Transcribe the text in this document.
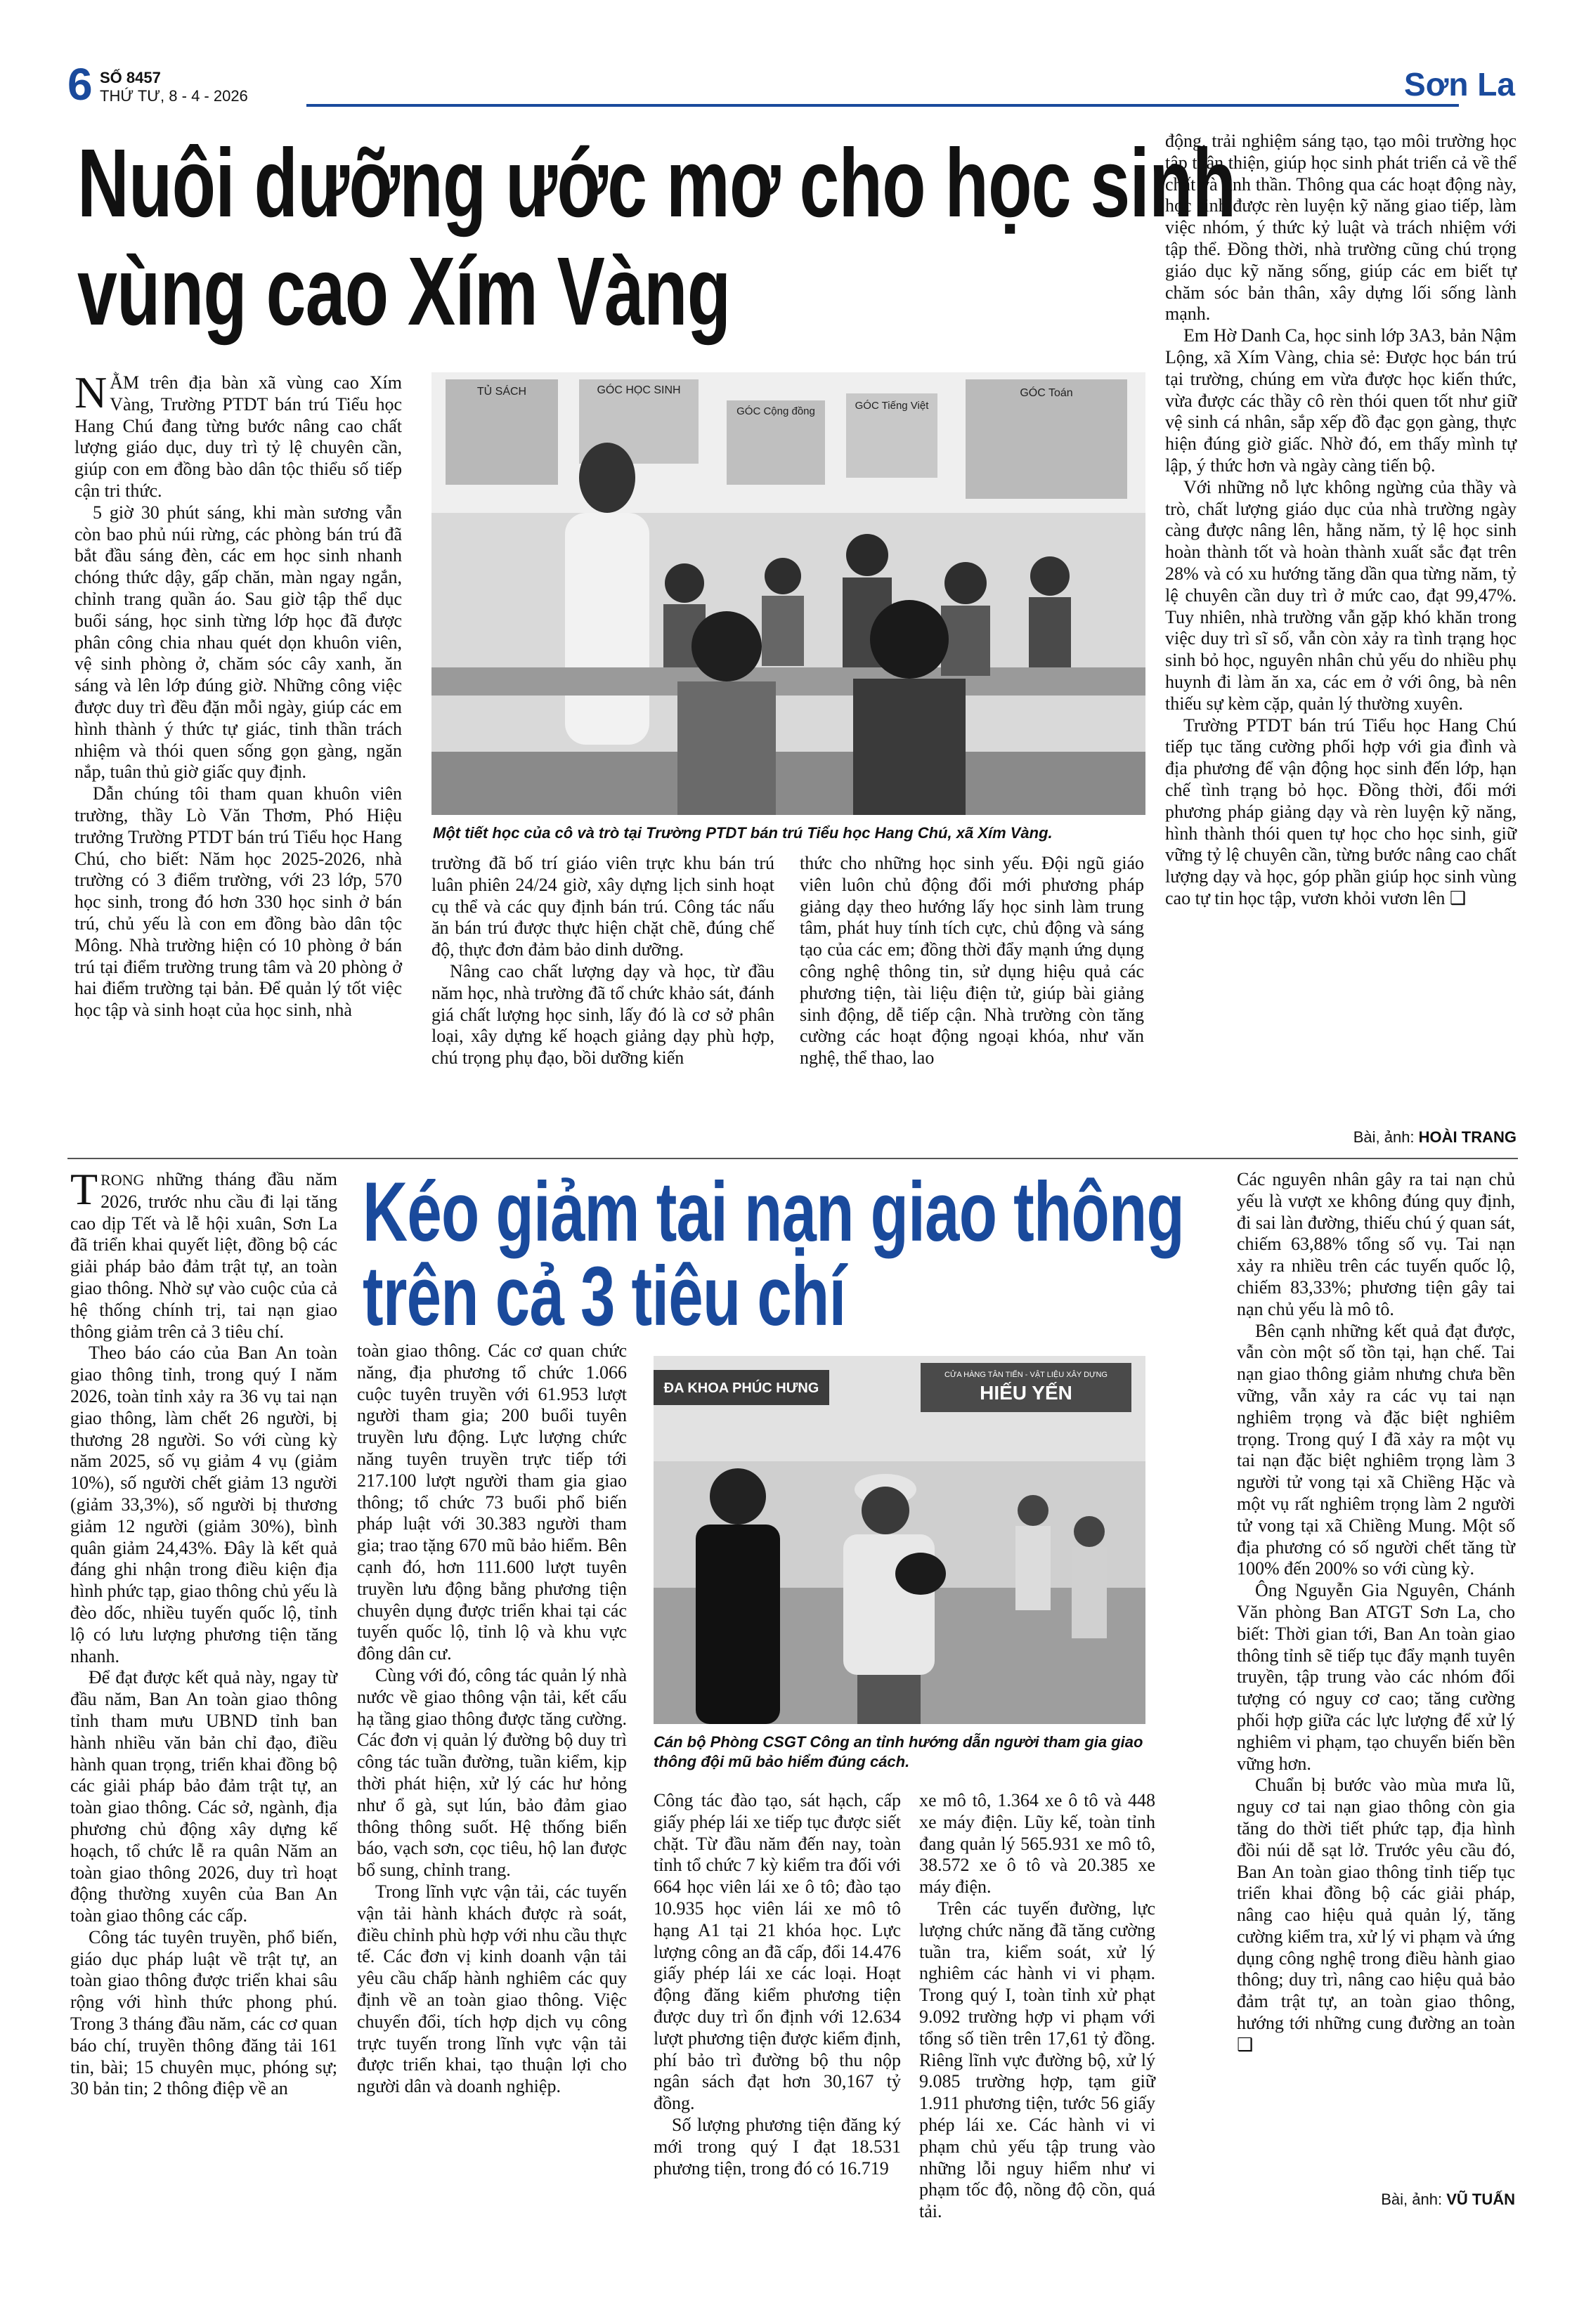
6 SỐ 8457
THỨ TƯ, 8 - 4 - 2026	Sơn La
Nuôi dưỡng ước mơ cho học sinh
vùng cao Xím Vàng

NẰM trên địa bàn xã vùng cao Xím Vàng, Trường PTDT bán trú Tiểu học Hang Chú đang từng bước nâng cao chất lượng giáo dục, duy trì tỷ lệ chuyên cần, giúp con em đồng bào dân tộc thiểu số tiếp cận tri thức.

5 giờ 30 phút sáng, khi màn sương vẫn còn bao phủ núi rừng, các phòng bán trú đã bắt đầu sáng đèn, các em học sinh nhanh chóng thức dậy, gấp chăn, màn ngay ngắn, chỉnh trang quần áo. Sau giờ tập thể dục buổi sáng, học sinh từng lớp học đã được phân công chia nhau quét dọn khuôn viên, vệ sinh phòng ở, chăm sóc cây xanh, ăn sáng và lên lớp đúng giờ. Những công việc được duy trì đều đặn mỗi ngày, giúp các em hình thành ý thức tự giác, tinh thần trách nhiệm và thói quen sống gọn gàng, ngăn nắp, tuân thủ giờ giấc quy định.

Dẫn chúng tôi tham quan khuôn viên trường, thầy Lò Văn Thơm, Phó Hiệu trưởng Trường PTDT bán trú Tiểu học Hang Chú, cho biết: Năm học 2025-2026, nhà trường có 3 điểm trường, với 23 lớp, 570 học sinh, trong đó hơn 330 học sinh ở bán trú, chủ yếu là con em đồng bào dân tộc Mông. Nhà trường hiện có 10 phòng ở bán trú tại điểm trường trung tâm và 20 phòng ở hai điểm trường tại bản. Để quản lý tốt việc học tập và sinh hoạt của học sinh, nhà

TỦ SÁCH	GÓC HỌC SINH
GÓC Cộng đồng	GÓC Tiếng Việt
GÓC Toán
Một tiết học của cô và trò tại Trường PTDT bán trú Tiểu học Hang Chú, xã Xím Vàng.

trường đã bố trí giáo viên trực khu bán trú luân phiên 24/24 giờ, xây dựng lịch sinh hoạt cụ thể và các quy định bán trú. Công tác nấu ăn bán trú được thực hiện chặt chẽ, đúng chế độ, thực đơn đảm bảo dinh dưỡng.

Nâng cao chất lượng dạy và học, từ đầu năm học, nhà trường đã tổ chức khảo sát, đánh giá chất lượng học sinh, lấy đó là cơ sở phân loại, xây dựng kế hoạch giảng dạy phù hợp, chú trọng phụ đạo, bồi dưỡng kiến

thức cho những học sinh yếu. Đội ngũ giáo viên luôn chủ động đổi mới phương pháp giảng dạy theo hướng lấy học sinh làm trung tâm, phát huy tính tích cực, chủ động và sáng tạo của các em; đồng thời đẩy mạnh ứng dụng công nghệ thông tin, sử dụng hiệu quả các phương tiện, tài liệu điện tử, giúp bài giảng sinh động, dễ tiếp cận. Nhà trường còn tăng cường các hoạt động ngoại khóa, như văn nghệ, thể thao, lao

động, trải nghiệm sáng tạo, tạo môi trường học tập thân thiện, giúp học sinh phát triển cả về thể chất và tinh thần. Thông qua các hoạt động này, học sinh được rèn luyện kỹ năng giao tiếp, làm việc nhóm, ý thức kỷ luật và trách nhiệm với tập thể. Đồng thời, nhà trường cũng chú trọng giáo dục kỹ năng sống, giúp các em biết tự chăm sóc bản thân, xây dựng lối sống lành mạnh.

Em Hờ Danh Ca, học sinh lớp 3A3, bản Nậm Lộng, xã Xím Vàng, chia sẻ: Được học bán trú tại trường, chúng em vừa được học kiến thức, vừa được các thầy cô rèn thói quen tốt như giữ vệ sinh cá nhân, sắp xếp đồ đạc gọn gàng, thực hiện đúng giờ giấc. Nhờ đó, em thấy mình tự lập, ý thức hơn và ngày càng tiến bộ.

Với những nỗ lực không ngừng của thầy và trò, chất lượng giáo dục của nhà trường ngày càng được nâng lên, hằng năm, tỷ lệ học sinh hoàn thành tốt và hoàn thành xuất sắc đạt trên 28% và có xu hướng tăng dần qua từng năm, tỷ lệ chuyên cần duy trì ở mức cao, đạt 99,47%. Tuy nhiên, nhà trường vẫn gặp khó khăn trong việc duy trì sĩ số, vẫn còn xảy ra tình trạng học sinh bỏ học, nguyên nhân chủ yếu do nhiều phụ huynh đi làm ăn xa, các em ở với ông, bà nên thiếu sự kèm cặp, quản lý thường xuyên.

Trường PTDT bán trú Tiểu học Hang Chú tiếp tục tăng cường phối hợp với gia đình và địa phương để vận động học sinh đến lớp, hạn chế tình trạng bỏ học. Đồng thời, đổi mới phương pháp giảng dạy và rèn luyện kỹ năng, hình thành thói quen tự học cho học sinh, giữ vững tỷ lệ chuyên cần, từng bước nâng cao chất lượng dạy và học, góp phần giúp học sinh vùng cao tự tin học tập, vươn khỏi vươn lên ❑

Bài, ảnh: HOÀI TRANG
Kéo giảm tai nạn giao thông
trên cả 3 tiêu chí

TRONG những tháng đầu năm 2026, trước nhu cầu đi lại tăng cao dịp Tết và lễ hội xuân, Sơn La đã triển khai quyết liệt, đồng bộ các giải pháp bảo đảm trật tự, an toàn giao thông. Nhờ sự vào cuộc của cả hệ thống chính trị, tai nạn giao thông giảm trên cả 3 tiêu chí.

Theo báo cáo của Ban An toàn giao thông tỉnh, trong quý I năm 2026, toàn tỉnh xảy ra 36 vụ tai nạn giao thông, làm chết 26 người, bị thương 28 người. So với cùng kỳ năm 2025, số vụ giảm 4 vụ (giảm 10%), số người chết giảm 13 người (giảm 33,3%), số người bị thương giảm 12 người (giảm 30%), bình quân giảm 24,43%. Đây là kết quả đáng ghi nhận trong điều kiện địa hình phức tạp, giao thông chủ yếu là đèo dốc, nhiều tuyến quốc lộ, tỉnh lộ có lưu lượng phương tiện tăng nhanh.

Để đạt được kết quả này, ngay từ đầu năm, Ban An toàn giao thông tỉnh tham mưu UBND tỉnh ban hành nhiều văn bản chỉ đạo, điều hành quan trọng, triển khai đồng bộ các giải pháp bảo đảm trật tự, an toàn giao thông. Các sở, ngành, địa phương chủ động xây dựng kế hoạch, tổ chức lễ ra quân Năm an toàn giao thông 2026, duy trì hoạt động thường xuyên của Ban An toàn giao thông các cấp.

Công tác tuyên truyền, phổ biến, giáo dục pháp luật về trật tự, an toàn giao thông được triển khai sâu rộng với hình thức phong phú. Trong 3 tháng đầu năm, các cơ quan báo chí, truyền thông đăng tải 161 tin, bài; 15 chuyên mục, phóng sự; 30 bản tin; 2 thông điệp về an

toàn giao thông. Các cơ quan chức năng, địa phương tổ chức 1.066 cuộc tuyên truyền với 61.953 lượt người tham gia; 200 buổi tuyên truyền lưu động. Lực lượng chức năng tuyên truyền trực tiếp tới 217.100 lượt người tham gia giao thông; tổ chức 73 buổi phổ biến pháp luật với 30.383 người tham gia; trao tặng 670 mũ bảo hiểm. Bên cạnh đó, hơn 111.600 lượt tuyên truyền lưu động bằng phương tiện chuyên dụng được triển khai tại các tuyến quốc lộ, tỉnh lộ và khu vực đông dân cư.

Cùng với đó, công tác quản lý nhà nước về giao thông vận tải, kết cấu hạ tầng giao thông được tăng cường. Các đơn vị quản lý đường bộ duy trì công tác tuần đường, tuần kiểm, kịp thời phát hiện, xử lý các hư hỏng như ổ gà, sụt lún, bảo đảm giao thông thông suốt. Hệ thống biển báo, vạch sơn, cọc tiêu, hộ lan được bổ sung, chỉnh trang.

Trong lĩnh vực vận tải, các tuyến vận tải hành khách được rà soát, điều chỉnh phù hợp với nhu cầu thực tế. Các đơn vị kinh doanh vận tải yêu cầu chấp hành nghiêm các quy định về an toàn giao thông. Việc chuyển đổi, tích hợp dịch vụ công trực tuyến trong lĩnh vực vận tải được triển khai, tạo thuận lợi cho người dân và doanh nghiệp.

ĐA KHOA PHÚC HƯNG
CỬA HÀNG TÂN TIẾN - VẬT LIỆU XÂY DỰNG
HIẾU YẾN
Cán bộ Phòng CSGT Công an tỉnh hướng dẫn người tham gia giao thông đội mũ bảo hiểm đúng cách.

Công tác đào tạo, sát hạch, cấp giấy phép lái xe tiếp tục được siết chặt. Từ đầu năm đến nay, toàn tỉnh tổ chức 7 kỳ kiểm tra đối với 664 học viên lái xe ô tô; đào tạo 10.935 học viên lái xe mô tô hạng A1 tại 21 khóa học. Lực lượng công an đã cấp, đổi 14.476 giấy phép lái xe các loại. Hoạt động đăng kiểm phương tiện được duy trì ổn định với 12.634 lượt phương tiện được kiểm định, phí bảo trì đường bộ thu nộp ngân sách đạt hơn 30,167 tỷ đồng.

Số lượng phương tiện đăng ký mới trong quý I đạt 18.531 phương tiện, trong đó có 16.719

xe mô tô, 1.364 xe ô tô và 448 xe máy điện. Lũy kế, toàn tỉnh đang quản lý 565.931 xe mô tô, 38.572 xe ô tô và 20.385 xe máy điện.

Trên các tuyến đường, lực lượng chức năng đã tăng cường tuần tra, kiểm soát, xử lý nghiêm các hành vi vi phạm. Trong quý I, toàn tỉnh xử phạt 9.092 trường hợp vi phạm với tổng số tiền trên 17,61 tỷ đồng. Riêng lĩnh vực đường bộ, xử lý 9.085 trường hợp, tạm giữ 1.911 phương tiện, tước 56 giấy phép lái xe. Các hành vi vi phạm chủ yếu tập trung vào những lỗi nguy hiểm như vi phạm tốc độ, nồng độ cồn, quá tải.

Các nguyên nhân gây ra tai nạn chủ yếu là vượt xe không đúng quy định, đi sai làn đường, thiếu chú ý quan sát, chiếm 63,88% tổng số vụ. Tai nạn xảy ra nhiều trên các tuyến quốc lộ, chiếm 83,33%; phương tiện gây tai nạn chủ yếu là mô tô.

Bên cạnh những kết quả đạt được, vẫn còn một số tồn tại, hạn chế. Tai nạn giao thông giảm nhưng chưa bền vững, vẫn xảy ra các vụ tai nạn nghiêm trọng và đặc biệt nghiêm trọng. Trong quý I đã xảy ra một vụ tai nạn đặc biệt nghiêm trọng làm 3 người tử vong tại xã Chiềng Hặc và một vụ rất nghiêm trọng làm 2 người tử vong tại xã Chiềng Mung. Một số địa phương có số người chết tăng từ 100% đến 200% so với cùng kỳ.

Ông Nguyễn Gia Nguyên, Chánh Văn phòng Ban ATGT Sơn La, cho biết: Thời gian tới, Ban An toàn giao thông tỉnh sẽ tiếp tục đẩy mạnh tuyên truyền, tập trung vào các nhóm đối tượng có nguy cơ cao; tăng cường phối hợp giữa các lực lượng để xử lý nghiêm vi phạm, tạo chuyển biến bền vững hơn.

Chuẩn bị bước vào mùa mưa lũ, nguy cơ tai nạn giao thông còn gia tăng do thời tiết phức tạp, địa hình đồi núi dễ sạt lở. Trước yêu cầu đó, Ban An toàn giao thông tỉnh tiếp tục triển khai đồng bộ các giải pháp, nâng cao hiệu quả quản lý, tăng cường kiểm tra, xử lý vi phạm và ứng dụng công nghệ trong điều hành giao thông; duy trì, nâng cao hiệu quả bảo đảm trật tự, an toàn giao thông, hướng tới những cung đường an toàn ❑

Bài, ảnh: VŨ TUẤN
